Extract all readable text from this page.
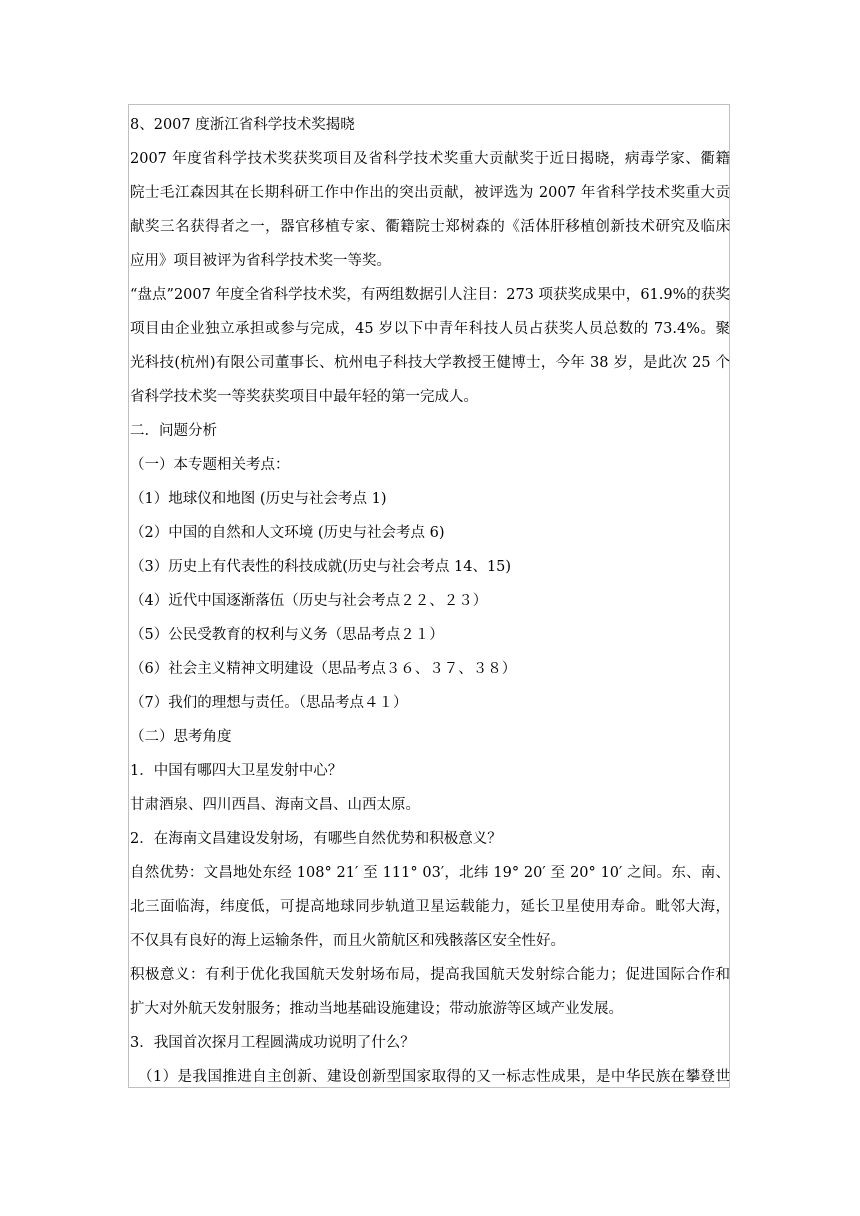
8、2007 度浙江省科学技术奖揭晓
2007 年度省科学技术奖获奖项目及省科学技术奖重大贡献奖于近日揭晓，病毒学家、衢籍
院士毛江森因其在长期科研工作中作出的突出贡献，被评选为 2007 年省科学技术奖重大贡
献奖三名获得者之一，器官移植专家、衢籍院士郑树森的《活体肝移植创新技术研究及临床
应用》项目被评为省科学技术奖一等奖。
“盘点”2007 年度全省科学技术奖，有两组数据引人注目：273 项获奖成果中，61.9%的获奖
项目由企业独立承担或参与完成，45 岁以下中青年科技人员占获奖人员总数的 73.4%。聚
光科技(杭州)有限公司董事长、杭州电子科技大学教授王健博士，今年 38 岁，是此次 25 个
省科学技术奖一等奖获奖项目中最年轻的第一完成人。
二．问题分析
（一）本专题相关考点：
（1）地球仪和地图 (历史与社会考点 1)
（2）中国的自然和人文环境 (历史与社会考点 6)
（3）历史上有代表性的科技成就(历史与社会考点 14、15)
（4）近代中国逐渐落伍（历史与社会考点２２、２３）
（5）公民受教育的权利与义务（思品考点２１）
（6）社会主义精神文明建设（思品考点３６、３７、３８）
（7）我们的理想与责任。（思品考点４１）
（二）思考角度
1．中国有哪四大卫星发射中心？
甘肃酒泉、四川西昌、海南文昌、山西太原。
2．在海南文昌建设发射场，有哪些自然优势和积极意义？
自然优势：文昌地处东经 108° 21′ 至 111° 03′，北纬 19° 20′ 至 20° 10′ 之间。东、南、
北三面临海，纬度低，可提高地球同步轨道卫星运载能力，延长卫星使用寿命。毗邻大海，
不仅具有良好的海上运输条件，而且火箭航区和残骸落区安全性好。
积极意义：有利于优化我国航天发射场布局，提高我国航天发射综合能力；促进国际合作和
扩大对外航天发射服务；推动当地基础设施建设；带动旅游等区域产业发展。
3．我国首次探月工程圆满成功说明了什么？
（1）是我国推进自主创新、建设创新型国家取得的又一标志性成果，是中华民族在攀登世
